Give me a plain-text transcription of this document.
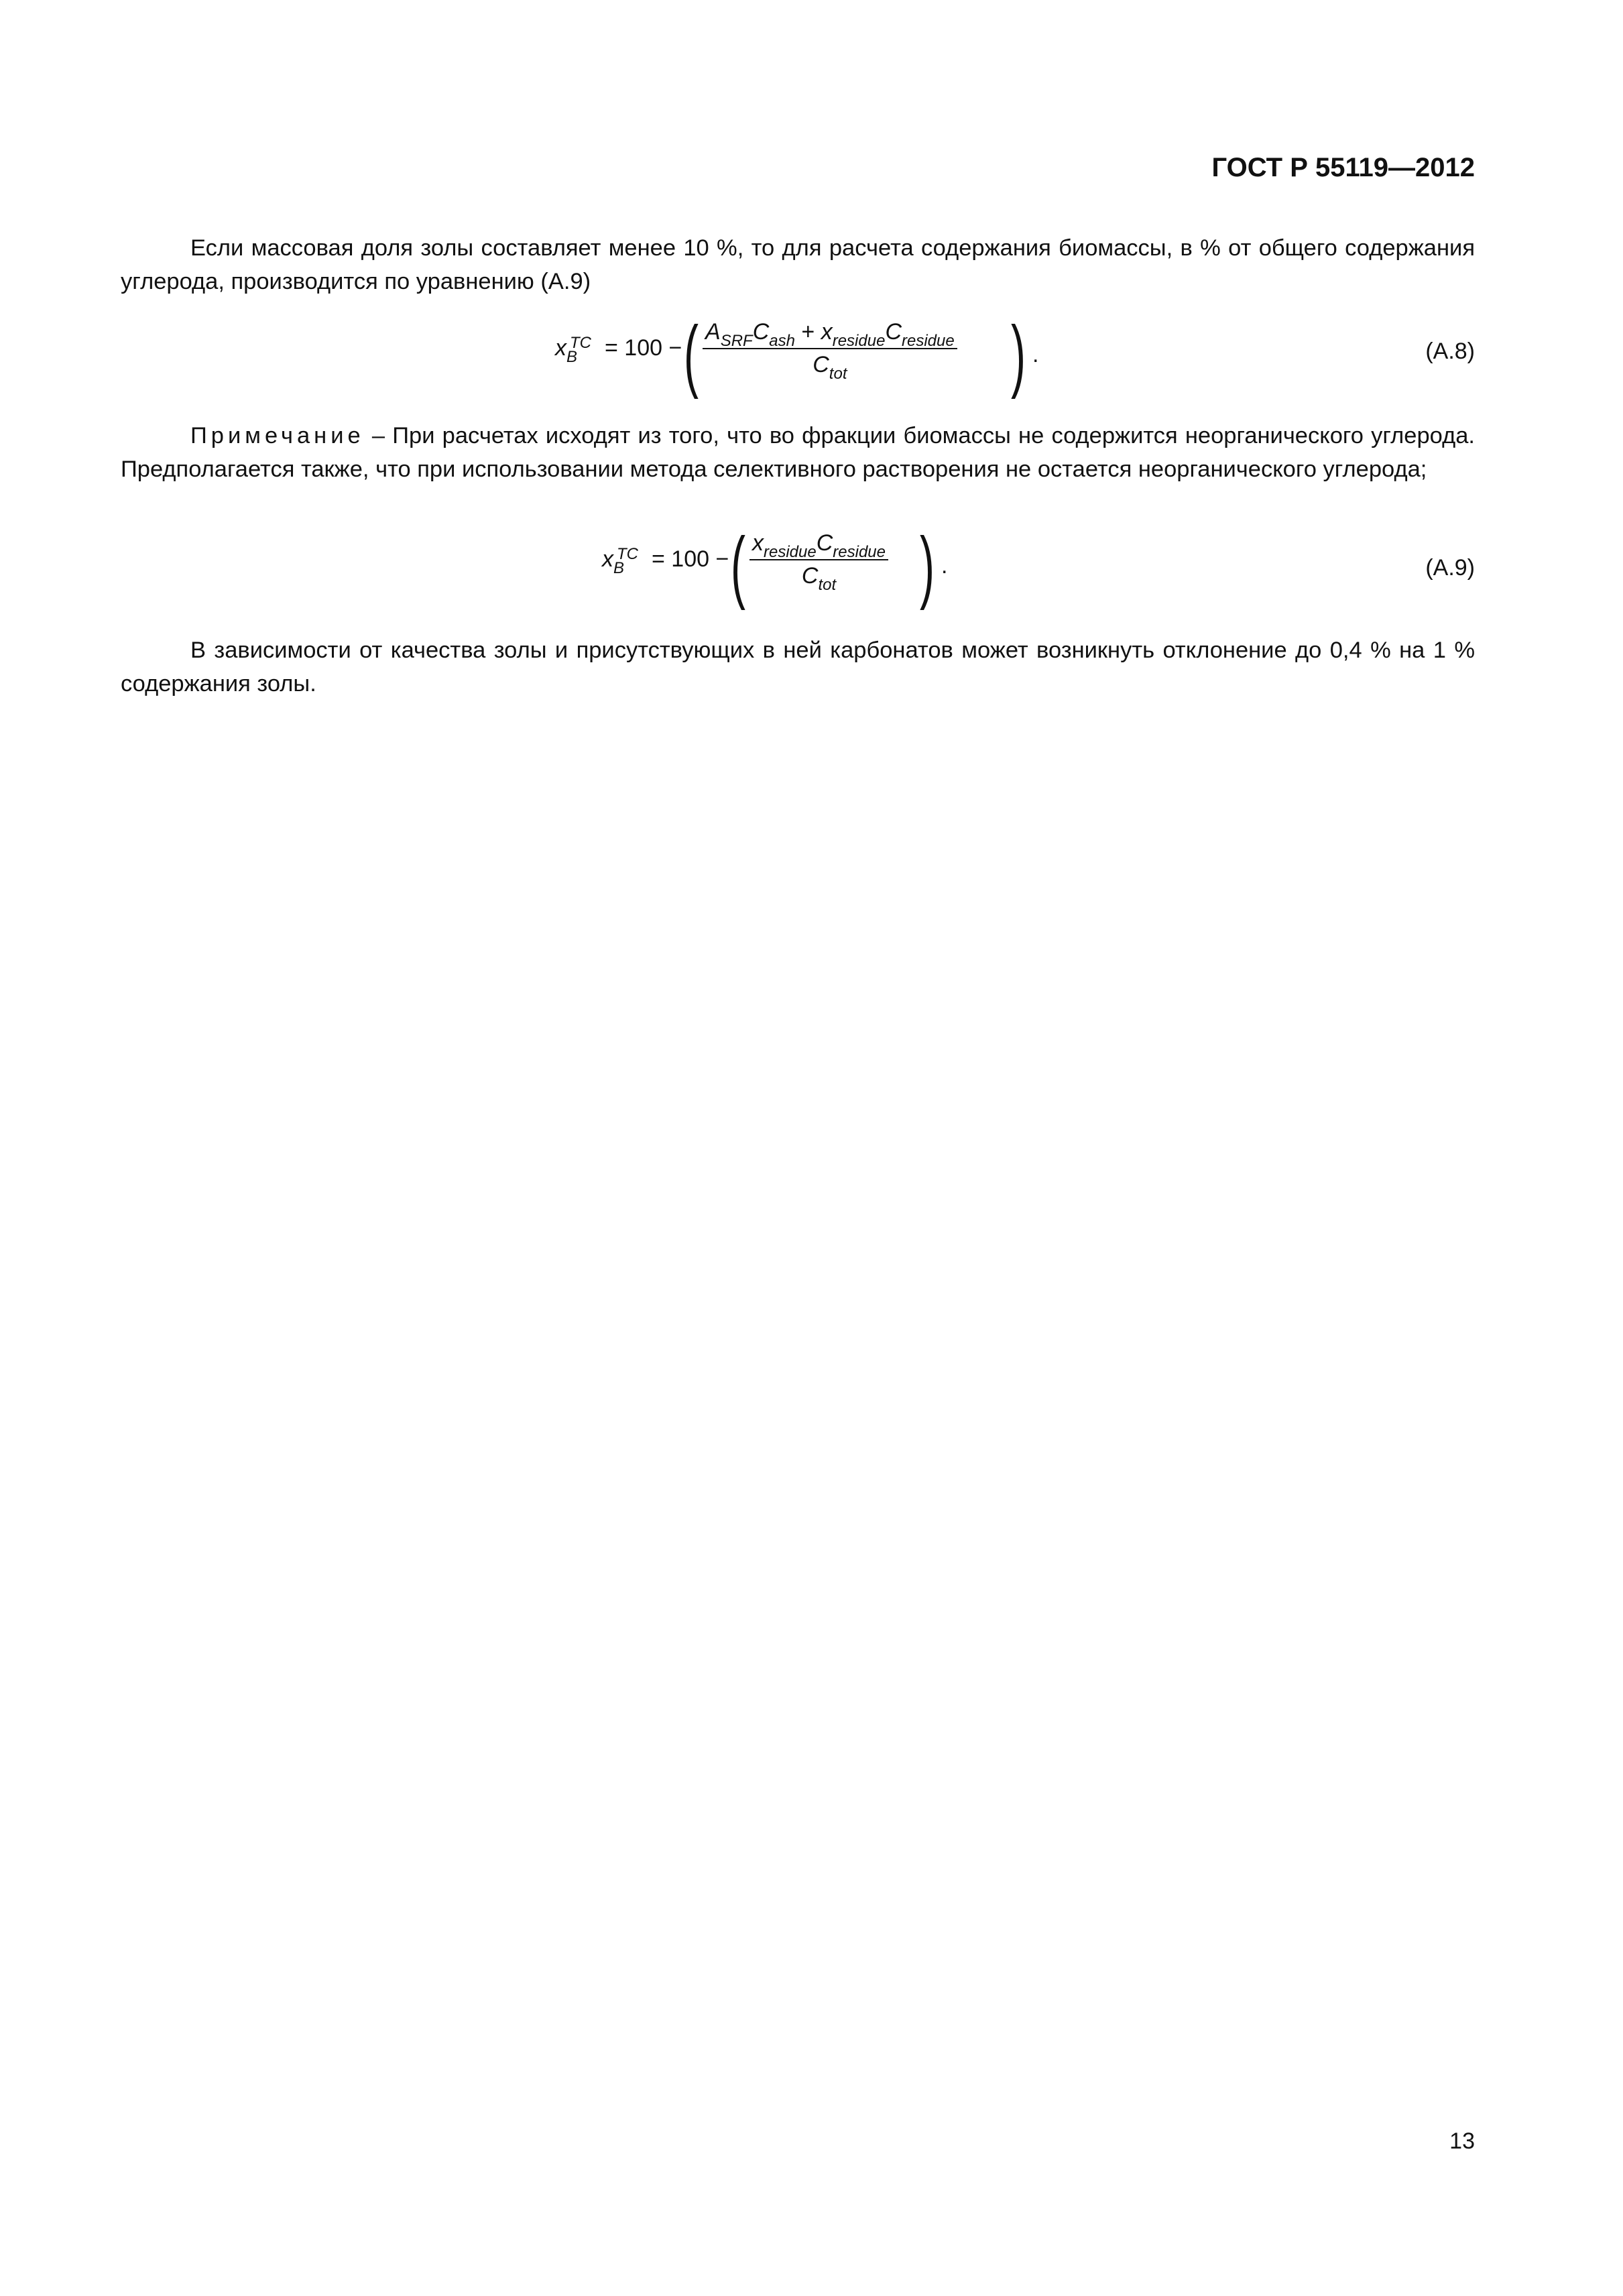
ГОСТ Р 55119—2012
Если массовая доля золы составляет менее 10 %, то для расчета содержания биомассы, в % от общего содержания углерода, производится по уравнению (А.9)
$x_B$
TC = 100 − ( $A_{SRF}C_{ash} + x_{residue}C_{residue}$
$C_{tot}$	) .	(А.8)
Примечание – При расчетах исходят из того, что во фракции биомассы не содержится неорганического углерода. Предполагается также, что при использовании метода селективного растворения не остается неорганического углерода;
$x_B$
TC = 100 − ( $x_{residue}C_{residue}$
$C_{tot}$	) .	(А.9)
В зависимости от качества золы и присутствующих в ней карбонатов может возникнуть отклонение до 0,4 % на 1 % содержания золы.
13
